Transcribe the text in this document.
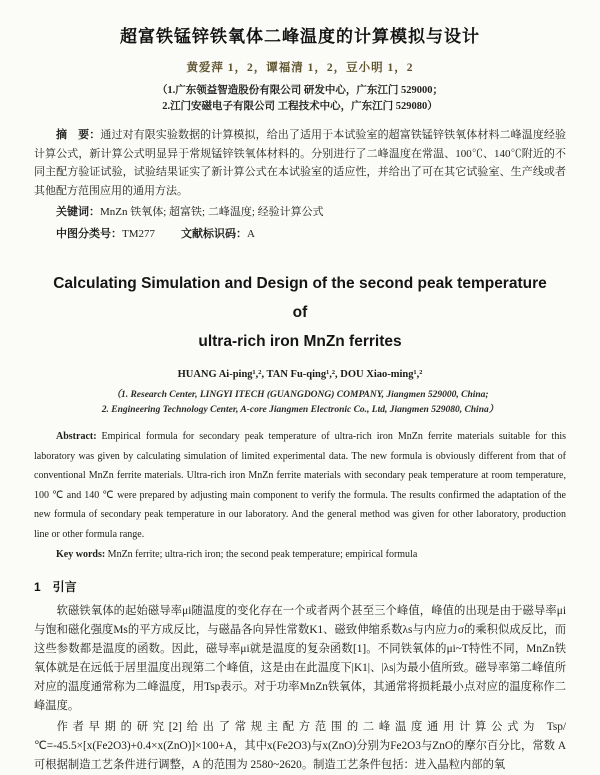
超富铁锰锌铁氧体二峰温度的计算模拟与设计
黄爱萍 1，2，谭福清 1，2，豆小明 1，2
（1.广东领益智造股份有限公司 研发中心，广东江门 529000；
2.江门安磁电子有限公司 工程技术中心，广东江门 529080）

摘　要：通过对有限实验数据的计算模拟，给出了适用于本试验室的超富铁锰锌铁氧体材料二峰温度经验计算公式，新计算公式明显异于常规锰锌铁氧体材料的。分别进行了二峰温度在常温、100℃、140℃附近的不同主配方验证试验，试验结果证实了新计算公式在本试验室的适应性，并给出了可在其它试验室、生产线或者其他配方范围应用的通用方法。

关键词：MnZn 铁氧体; 超富铁; 二峰温度; 经验计算公式

中图分类号：TM277 文献标识码：A

Calculating Simulation and Design of the second peak temperature of
ultra-rich iron MnZn ferrites
HUANG Ai-ping¹,², TAN Fu-qing¹,², DOU Xiao-ming¹,²
（1. Research Center, LINGYI ITECH (GUANGDONG) COMPANY, Jiangmen 529000, China;
2. Engineering Technology Center, A-core Jiangmen Electronic Co., Ltd, Jiangmen 529080, China）

Abstract: Empirical formula for secondary peak temperature of ultra-rich iron MnZn ferrite materials suitable for this laboratory was given by calculating simulation of limited experimental data. The new formula is obviously different from that of conventional MnZn ferrite materials. Ultra-rich iron MnZn ferrite materials with secondary peak temperature at room temperature, 100 ℃ and 140 ℃ were prepared by adjusting main component to verify the formula. The results confirmed the adaptation of the new formula of secondary peak temperature in our laboratory. And the general method was given for other laboratory, production line or other formula range.

Key words: MnZn ferrite; ultra-rich iron; the second peak temperature; empirical formula

1　引言

软磁铁氧体的起始磁导率μi随温度的变化存在一个或者两个甚至三个峰值，峰值的出现是由于磁导率μi与饱和磁化强度Ms的平方成反比，与磁晶各向异性常数K1、磁致伸缩系数λs与内应力σ的乘积似成反比，而这些参数都是温度的函数。因此，磁导率μi就是温度的复杂函数[1]。不同铁氧体的μi~T特性不同，MnZn铁氧体就是在远低于居里温度出现第二个峰值，这是由在此温度下|K1|、|λs|为最小值所致。磁导率第二峰值所对应的温度通常称为二峰温度，用Tsp表示。对于功率MnZn铁氧体，其通常将损耗最小点对应的温度称作二峰温度。

作者早期的研究[2]给出了常规主配方范围的二峰温度通用计算公式为 Tsp/℃=-45.5×[x(Fe2O3)+0.4×x(ZnO)]×100+A，其中x(Fe2O3)与x(ZnO)分别为Fe2O3与ZnO的摩尔百分比，常数 A 可根据制造工艺条件进行调整，A 的范围为 2580~2620。制造工艺条件包括：进入晶粒内部的氧
